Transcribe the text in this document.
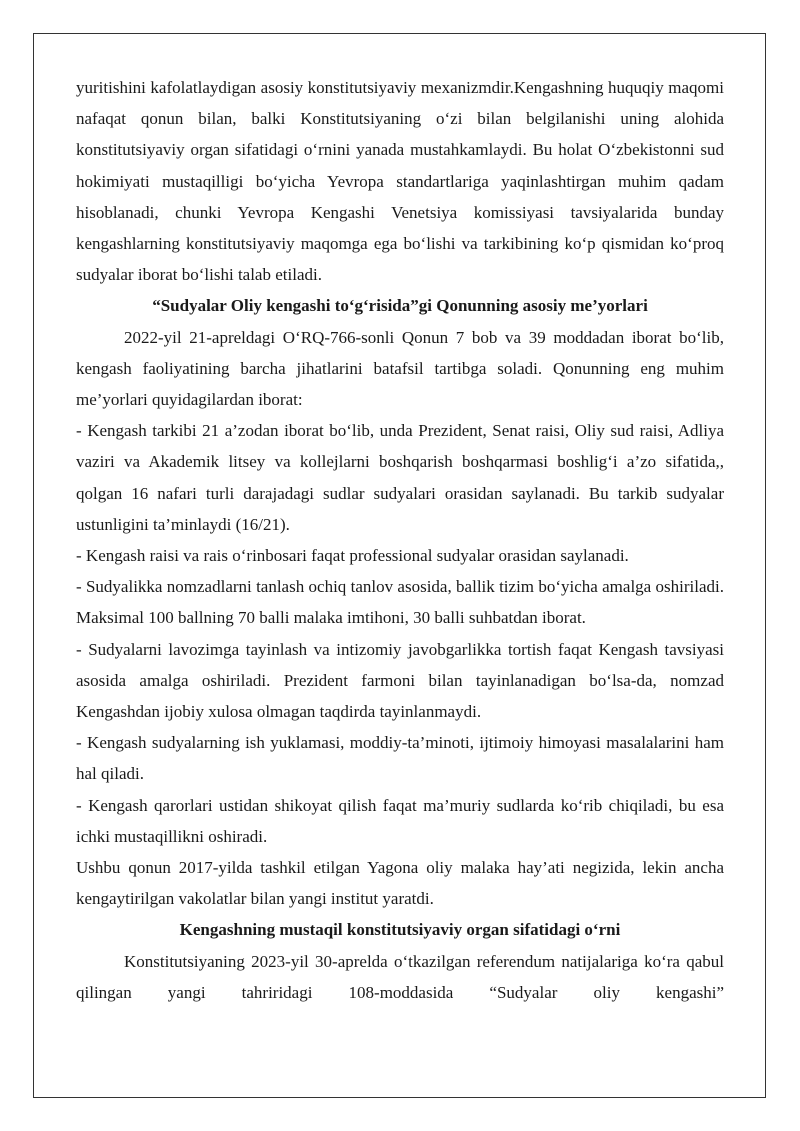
yuritishini kafolatlaydigan asosiy konstitutsiyaviy mexanizmdir.Kengashning huquqiy maqomi nafaqat qonun bilan, balki Konstitutsiyaning o‘zi bilan belgilanishi uning alohida konstitutsiyaviy organ sifatidagi o‘rnini yanada mustahkamlaydi. Bu holat O‘zbekistonni sud hokimiyati mustaqilligi bo‘yicha Yevropa standartlariga yaqinlashtirgan muhim qadam hisoblanadi, chunki Yevropa Kengashi Venetsiya komissiyasi tavsiyalarida bunday kengashlarning konstitutsiyaviy maqomga ega bo‘lishi va tarkibining ko‘p qismidan ko‘proq sudyalar iborat bo‘lishi talab etiladi.

“Sudyalar Oliy kengashi to‘g‘risida”gi Qonunning asosiy me’yorlari

2022-yil 21-apreldagi O‘RQ-766-sonli Qonun 7 bob va 39 moddadan iborat bo‘lib, kengash faoliyatining barcha jihatlarini batafsil tartibga soladi. Qonunning eng muhim me’yorlari quyidagilardan iborat:

- Kengash tarkibi 21 a’zodan iborat bo‘lib, unda Prezident, Senat raisi, Oliy sud raisi, Adliya vaziri va Akademik litsey va kollejlarni boshqarish boshqarmasi boshlig‘i a’zo sifatida,, qolgan 16 nafari turli darajadagi sudlar sudyalari orasidan saylanadi. Bu tarkib sudyalar ustunligini ta’minlaydi (16/21).

- Kengash raisi va rais o‘rinbosari faqat professional sudyalar orasidan saylanadi.

- Sudyalikka nomzadlarni tanlash ochiq tanlov asosida, ballik tizim bo‘yicha amalga oshiriladi. Maksimal 100 ballning 70 balli malaka imtihoni, 30 balli suhbatdan iborat.

- Sudyalarni lavozimga tayinlash va intizomiy javobgarlikka tortish faqat Kengash tavsiyasi asosida amalga oshiriladi. Prezident farmoni bilan tayinlanadigan bo‘lsa-da, nomzad Kengashdan ijobiy xulosa olmagan taqdirda tayinlanmaydi.

- Kengash sudyalarning ish yuklamasi, moddiy-ta’minoti, ijtimoiy himoyasi masalalarini ham hal qiladi.

- Kengash qarorlari ustidan shikoyat qilish faqat ma’muriy sudlarda ko‘rib chiqiladi, bu esa ichki mustaqillikni oshiradi.

Ushbu qonun 2017-yilda tashkil etilgan Yagona oliy malaka hay’ati negizida, lekin ancha kengaytirilgan vakolatlar bilan yangi institut yaratdi.

Kengashning mustaqil konstitutsiyaviy organ sifatidagi o‘rni

Konstitutsiyaning 2023-yil 30-aprelda o‘tkazilgan referendum natijalariga ko‘ra qabul qilingan yangi tahriridagi 108-moddasida “Sudyalar oliy kengashi”
